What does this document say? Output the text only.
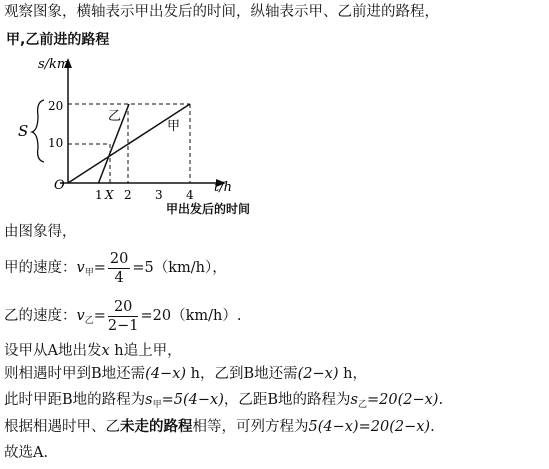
观察图象，横轴表示甲出发后的时间，纵轴表示甲、乙前进的路程，
甲,乙前进的路程
s/km
t/h
O
20
10
S
乙
甲
1 X 2 3 4
甲出发后的时间
由图象得，
甲的速度：$v_甲= \frac{20}{4} =5(km/h)$，
乙的速度：$v_乙= \frac{20}{2-1} =20(km/h)$.
设甲从A地出发x h追上甲，
则相遇时甲到B地还需(4−x) h，乙到B地还需(2−x) h，
此时甲距B地的路程为$s_甲=5(4-x)$，乙距B地的路程为$s_乙=20(2-x)$.
根据相遇时甲、乙未走的路程相等，可列方程为5(4−x)=20(2−x).
故选A.
